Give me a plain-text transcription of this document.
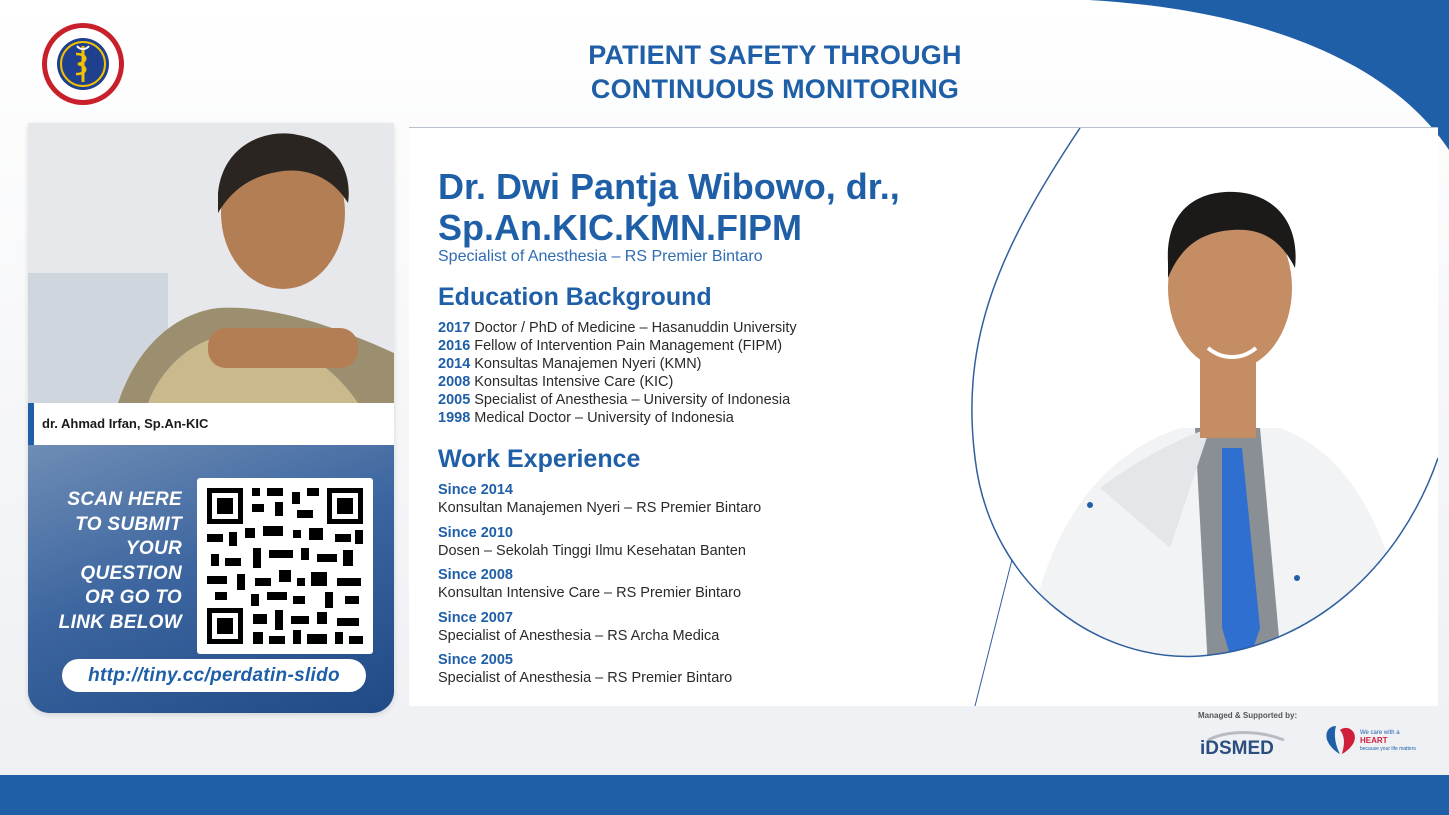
PATIENT SAFETY THROUGH
CONTINUOUS MONITORING
dr. Ahmad Irfan, Sp.An-KIC
SCAN HERE
TO SUBMIT
YOUR
QUESTION
OR GO TO
LINK BELOW
http://tiny.cc/perdatin-slido
Dr. Dwi Pantja Wibowo, dr.,
Sp.An.KIC.KMN.FIPM
Specialist of Anesthesia – RS Premier Bintaro
Education Background
2017 Doctor / PhD of Medicine – Hasanuddin University
2016 Fellow of Intervention Pain Management (FIPM)
2014 Konsultas Manajemen Nyeri (KMN)
2008 Konsultas Intensive Care (KIC)
2005 Specialist of Anesthesia – University of Indonesia
1998 Medical Doctor – University of Indonesia
Work Experience
Since 2014
Konsultan Manajemen Nyeri – RS Premier Bintaro
Since 2010
Dosen – Sekolah Tinggi Ilmu Kesehatan Banten
Since 2008
Konsultan Intensive Care – RS Premier Bintaro
Since 2007
Specialist of Anesthesia – RS Archa Medica
Since 2005
Specialist of Anesthesia – RS Premier Bintaro
Managed & Supported by:
iDSMED
We care with a
HEART
because your life matters
